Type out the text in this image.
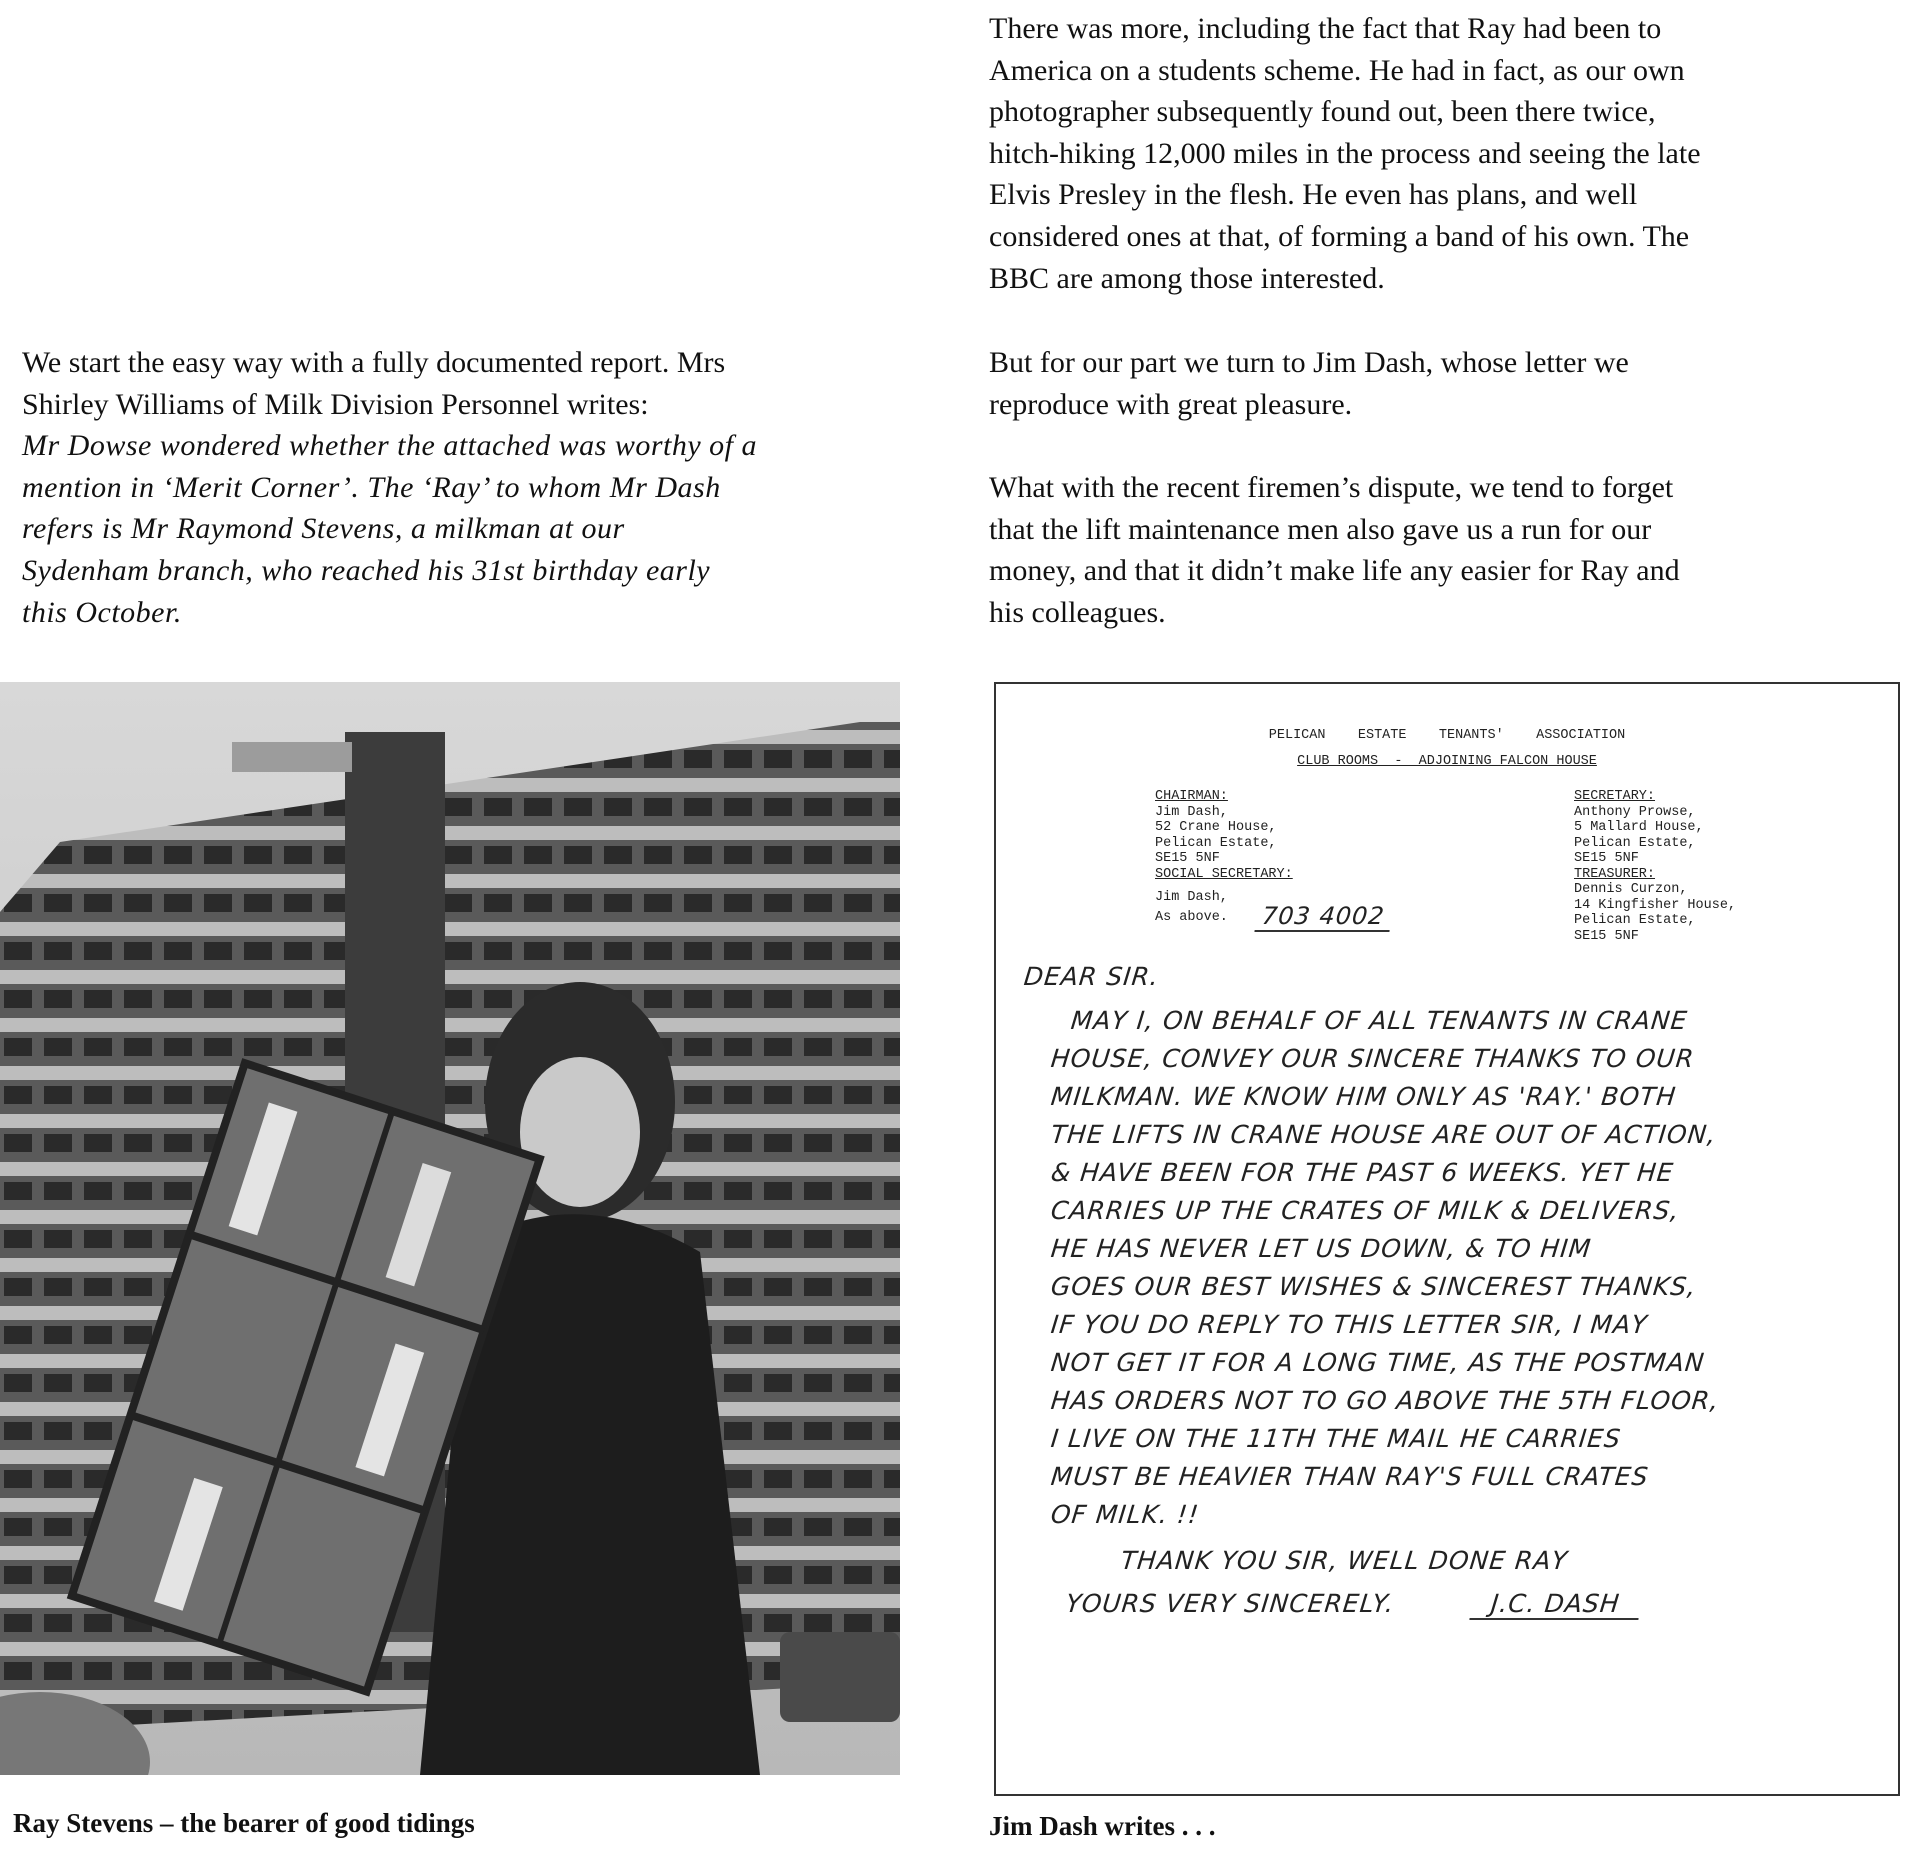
There was more, including the fact that Ray had been to
America on a students scheme. He had in fact, as our own
photographer subsequently found out, been there twice,
hitch-hiking 12,000 miles in the process and seeing the late
Elvis Presley in the flesh. He even has plans, and well
considered ones at that, of forming a band of his own. The
BBC are among those interested.
But for our part we turn to Jim Dash, whose letter we
reproduce with great pleasure.
What with the recent firemen’s dispute, we tend to forget
that the lift maintenance men also gave us a run for our
money, and that it didn’t make life any easier for Ray and
his colleagues.
We start the easy way with a fully documented report. Mrs
Shirley Williams of Milk Division Personnel writes:
Mr Dowse wondered whether the attached was worthy of a
mention in ‘Merit Corner’. The ‘Ray’ to whom Mr Dash
refers is Mr Raymond Stevens, a milkman at our
Sydenham branch, who reached his 31st birthday early
this October.
Ray Stevens – the bearer of good tidings
PELICAN    ESTATE    TENANTS'    ASSOCIATION
CLUB ROOMS  -  ADJOINING FALCON HOUSE
CHAIRMAN:
Jim Dash,
52 Crane House,
Pelican Estate,
SE15 5NF
SOCIAL SECRETARY:
Jim Dash,
As above.	703 4002
SECRETARY:
Anthony Prowse,
5 Mallard House,
Pelican Estate,
SE15 5NF
TREASURER:
Dennis Curzon,
14 Kingfisher House,
Pelican Estate,
SE15 5NF
DEAR SIR.
MAY I, ON BEHALF OF ALL TENANTS IN CRANE
HOUSE, CONVEY OUR SINCERE THANKS TO OUR
MILKMAN. WE KNOW HIM ONLY AS 'RAY.' BOTH
THE LIFTS IN CRANE HOUSE ARE OUT OF ACTION,
& HAVE BEEN FOR THE PAST 6 WEEKS. YET HE
CARRIES UP THE CRATES OF MILK & DELIVERS,
HE HAS NEVER LET US DOWN, & TO HIM
GOES OUR BEST WISHES & SINCEREST THANKS,
IF YOU DO REPLY TO THIS LETTER SIR, I MAY
NOT GET IT FOR A LONG TIME, AS THE POSTMAN
HAS ORDERS NOT TO GO ABOVE THE 5TH FLOOR,
I LIVE ON THE 11TH THE MAIL HE CARRIES
MUST BE HEAVIER THAN RAY'S FULL CRATES
OF MILK. !!
THANK YOU SIR, WELL DONE RAY
YOURS VERY SINCERELY.	J.C. DASH
Jim Dash writes . . .
